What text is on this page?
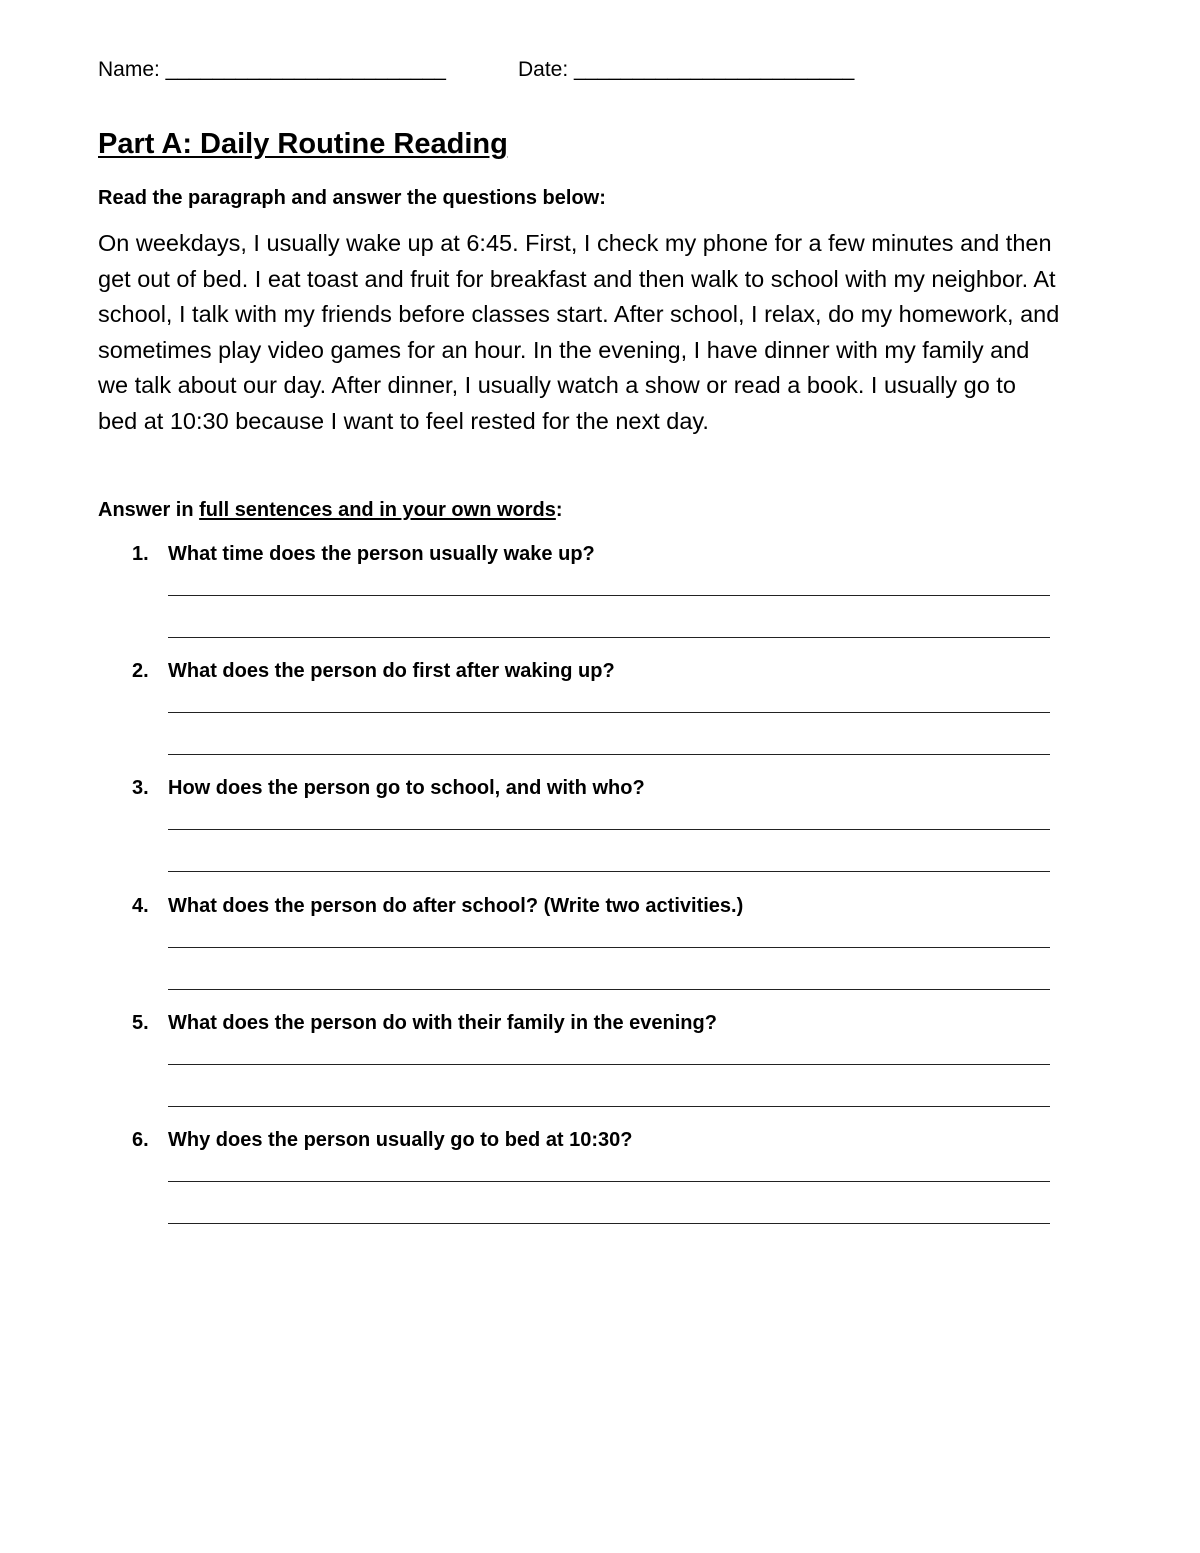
Name: ________________________	Date: ________________________
Part A: Daily Routine Reading
Read the paragraph and answer the questions below:

On weekdays, I usually wake up at 6:45. First, I check my phone for a few minutes and then get out of bed. I eat toast and fruit for breakfast and then walk to school with my neighbor. At school, I talk with my friends before classes start. After school, I relax, do my homework, and sometimes play video games for an hour. In the evening, I have dinner with my family and we talk about our day. After dinner, I usually watch a show or read a book. I usually go to bed at 10:30 because I want to feel rested for the next day.

Answer in full sentences and in your own words:
1. What time does the person usually wake up?
2. What does the person do first after waking up?
3. How does the person go to school, and with who?
4. What does the person do after school? (Write two activities.)
5. What does the person do with their family in the evening?
6. Why does the person usually go to bed at 10:30?
